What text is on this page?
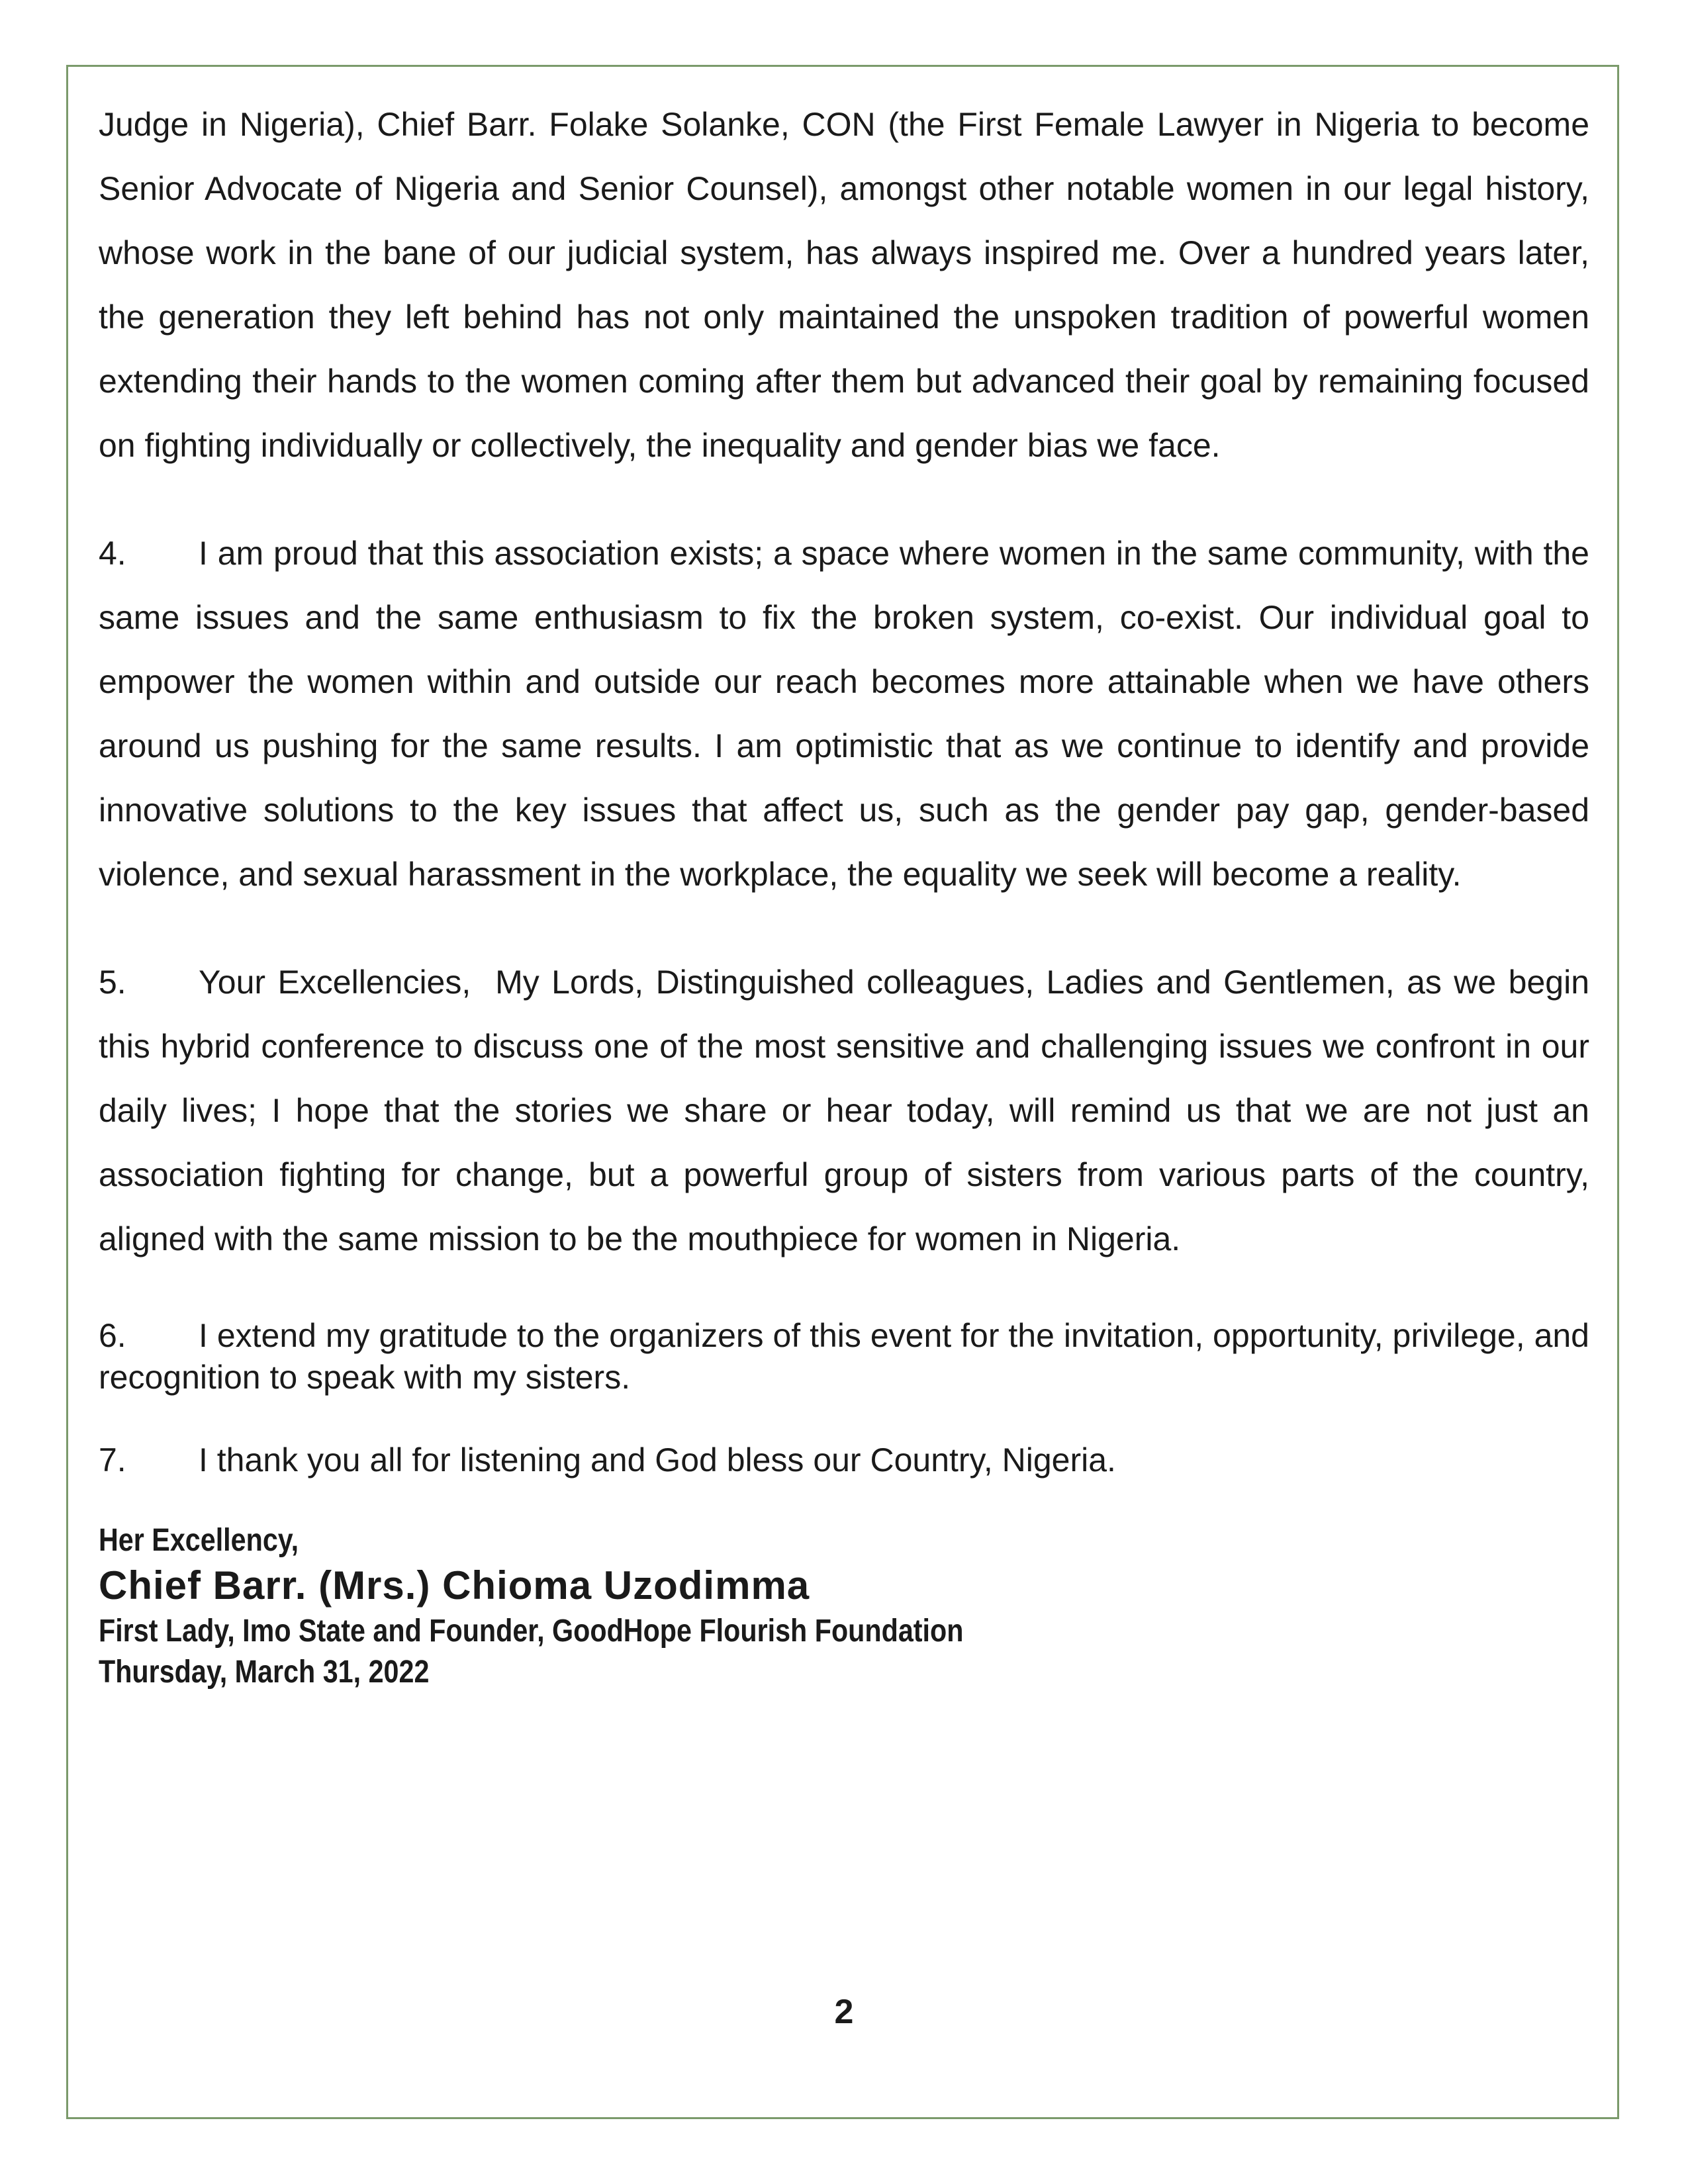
Judge in Nigeria), Chief Barr. Folake Solanke, CON (the First Female Lawyer in Nigeria to become Senior Advocate of Nigeria and Senior Counsel), amongst other notable women in our legal history, whose work in the bane of our judicial system, has always inspired me. Over a hundred years later, the generation they left behind has not only maintained the unspoken tradition of powerful women extending their hands to the women coming after them but advanced their goal by remaining focused on fighting individually or collectively, the inequality and gender bias we face.

4. I am proud that this association exists; a space where women in the same community, with the same issues and the same enthusiasm to fix the broken system, co-exist. Our individual goal to empower the women within and outside our reach becomes more attainable when we have others around us pushing for the same results. I am optimistic that as we continue to identify and provide innovative solutions to the key issues that affect us, such as the gender pay gap, gender-based violence, and sexual harassment in the workplace, the equality we seek will become a reality.

5. Your Excellencies,  My Lords, Distinguished colleagues, Ladies and Gentlemen, as we begin this hybrid conference to discuss one of the most sensitive and challenging issues we confront in our daily lives; I hope that the stories we share or hear today, will remind us that we are not just an association fighting for change, but a powerful group of sisters from various parts of the country, aligned with the same mission to be the mouthpiece for women in Nigeria.

6. I extend my gratitude to the organizers of this event for the invitation, opportunity, privilege, and recognition to speak with my sisters.

7. I thank you all for listening and God bless our Country, Nigeria.

Her Excellency,
Chief Barr. (Mrs.) Chioma Uzodimma
First Lady, Imo State and Founder, GoodHope Flourish Foundation
Thursday, March 31, 2022
2
